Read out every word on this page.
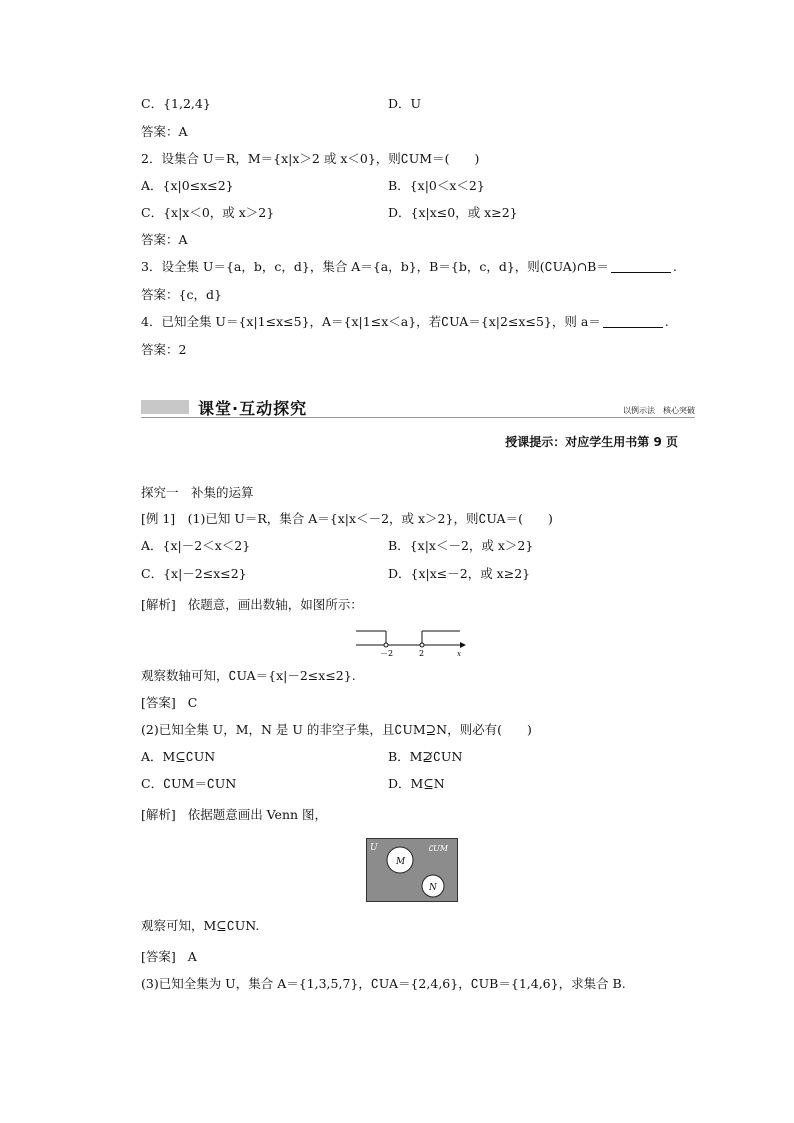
C．{1,2,4}	D．U
答案：A
2．设集合 U＝R，M＝{x|x＞2 或 x＜0}，则∁UM＝(　　)
A．{x|0≤x≤2}	B．{x|0＜x＜2}
C．{x|x＜0，或 x＞2}	D．{x|x≤0，或 x≥2}
答案：A
3．设全集 U＝{a，b，c，d}，集合 A＝{a，b}，B＝{b，c，d}，则(∁UA)∩B＝	.
答案：{c，d}
4．已知全集 U＝{x|1≤x≤5}，A＝{x|1≤x＜a}，若∁UA＝{x|2≤x≤5}，则 a＝	.
答案：2
课堂·互动探究	以例示法　核心突破
授课提示：对应学生用书第 9 页
探究一　补集的运算
[例 1]　(1)已知 U＝R，集合 A＝{x|x＜－2，或 x＞2}，则∁UA＝(　　)
A．{x|－2＜x＜2}	B．{x|x＜－2，或 x＞2}
C．{x|－2≤x≤2}	D．{x|x≤－2，或 x≥2}
[解析] 依题意，画出数轴，如图所示：
－2	2	x
观察数轴可知，∁UA＝{x|－2≤x≤2}.
[答案] C
(2)已知全集 U，M，N 是 U 的非空子集，且∁UM⊇N，则必有(　　)
A．M⊆∁UN	B．M⊉∁UN
C．∁UM＝∁UN	D．M⊆N
[解析] 依据题意画出 Venn 图，
U	∁UM
M
N
观察可知，M⊆∁UN.
[答案] A
(3)已知全集为 U，集合 A＝{1,3,5,7}，∁UA＝{2,4,6}，∁UB＝{1,4,6}，求集合 B.
